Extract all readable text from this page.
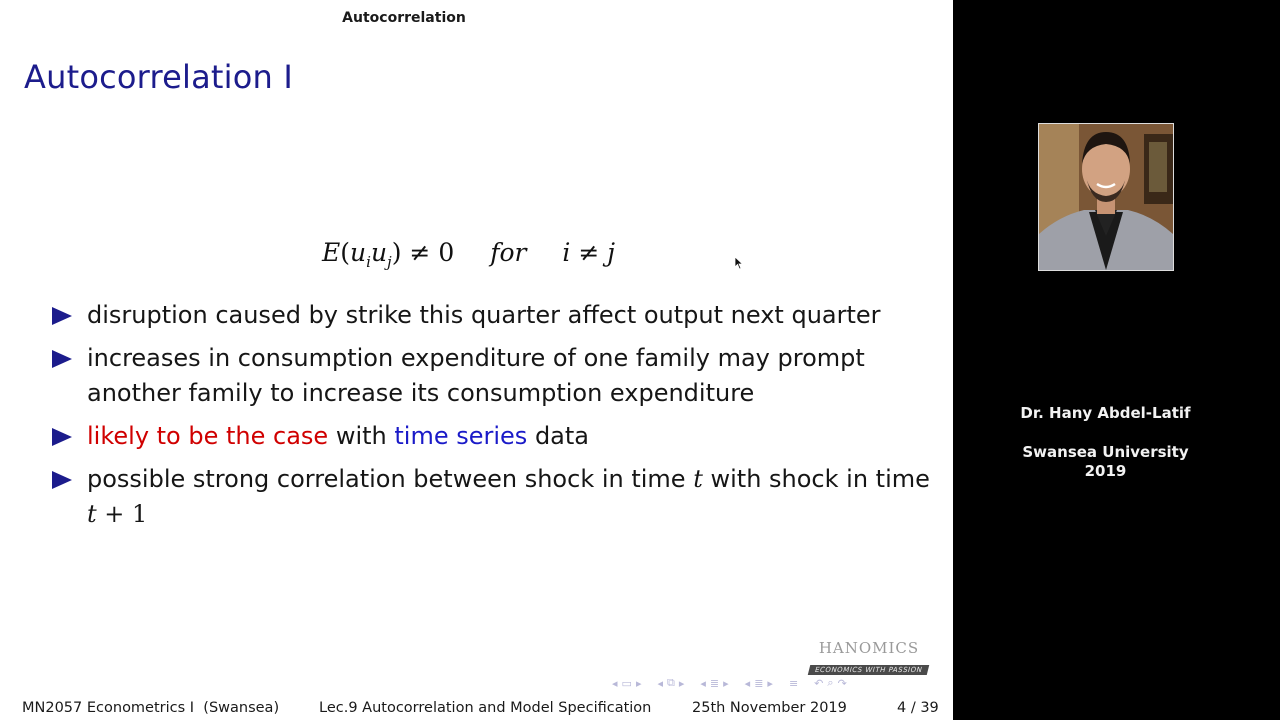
Autocorrelation
Autocorrelation I
$E(u_iu_j) \ne 0$ for i ≠ j
disruption caused by strike this quarter affect output next quarter
increases in consumption expenditure of one family may prompt
another family to increase its consumption expenditure
likely to be the case with time series data
possible strong correlation between shock in time t with shock in time
t + 1
HANOMICS
ECONOMICS WITH PASSION
◂ ▭ ▸ ◂ ⧉ ▸ ◂ ≣ ▸ ◂ ≣ ▸ ≡ ↶ ⌕ ↷
MN2057 Econometrics I  (Swansea)	Lec.9 Autocorrelation and Model Specification	25th November 2019	4 / 39
Dr. Hany Abdel-Latif
Swansea University
2019
